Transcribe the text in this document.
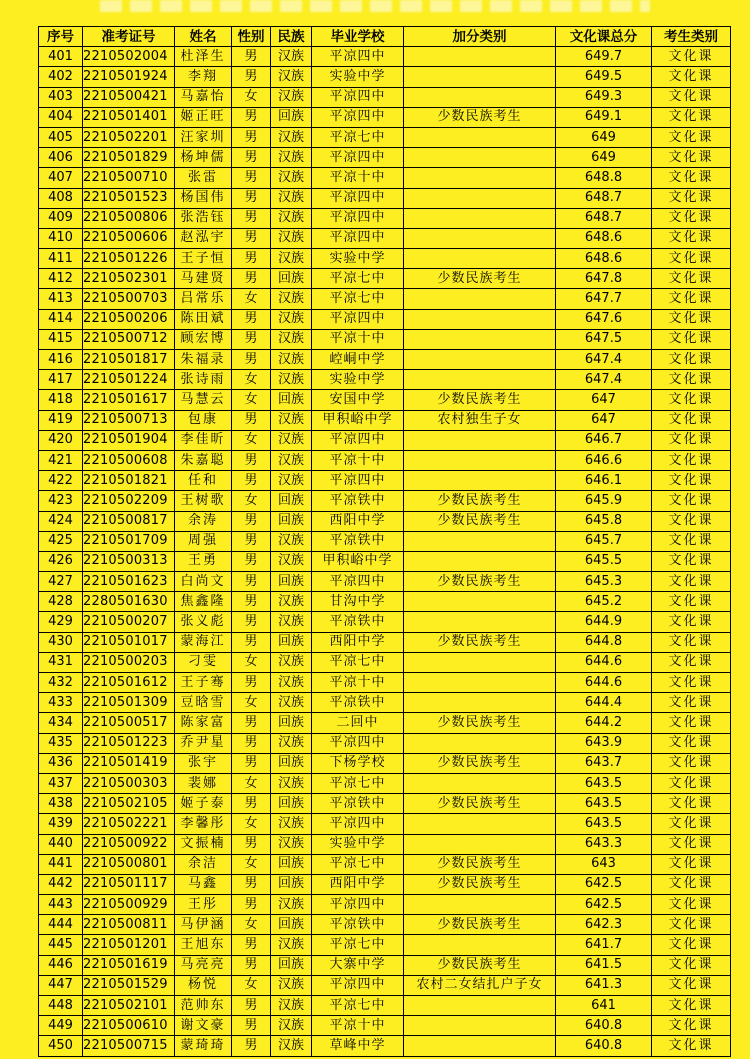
序号	准考证号	姓名	性别	民族	毕业学校	加分类别	文化课总分	考生类别
401	2210502004	杜泽生	男	汉族	平凉四中		649.7	文化课
402	2210501924	李翔	男	汉族	实验中学		649.5	文化课
403	2210500421	马嘉怡	女	汉族	平凉四中		649.3	文化课
404	2210501401	姬正旺	男	回族	平凉四中	少数民族考生	649.1	文化课
405	2210502201	汪家圳	男	汉族	平凉七中		649	文化课
406	2210501829	杨坤儒	男	汉族	平凉四中		649	文化课
407	2210500710	张雷	男	汉族	平凉十中		648.8	文化课
408	2210501523	杨国伟	男	汉族	平凉四中		648.7	文化课
409	2210500806	张浩钰	男	汉族	平凉四中		648.7	文化课
410	2210500606	赵泓宇	男	汉族	平凉四中		648.6	文化课
411	2210501226	王子恒	男	汉族	实验中学		648.6	文化课
412	2210502301	马建贤	男	回族	平凉七中	少数民族考生	647.8	文化课
413	2210500703	吕常乐	女	汉族	平凉七中		647.7	文化课
414	2210500206	陈田斌	男	汉族	平凉四中		647.6	文化课
415	2210500712	顾宏博	男	汉族	平凉十中		647.5	文化课
416	2210501817	朱福录	男	汉族	崆峒中学		647.4	文化课
417	2210501224	张诗雨	女	汉族	实验中学		647.4	文化课
418	2210501617	马慧云	女	回族	安国中学	少数民族考生	647	文化课
419	2210500713	包康	男	汉族	甲积峪中学	农村独生子女	647	文化课
420	2210501904	李佳昕	女	汉族	平凉四中		646.7	文化课
421	2210500608	朱嘉聪	男	汉族	平凉十中		646.6	文化课
422	2210501821	任和	男	汉族	平凉四中		646.1	文化课
423	2210502209	王树歌	女	回族	平凉铁中	少数民族考生	645.9	文化课
424	2210500817	余涛	男	回族	西阳中学	少数民族考生	645.8	文化课
425	2210501709	周强	男	汉族	平凉铁中		645.7	文化课
426	2210500313	王勇	男	汉族	甲积峪中学		645.5	文化课
427	2210501623	白尚文	男	回族	平凉四中	少数民族考生	645.3	文化课
428	2280501630	焦鑫隆	男	汉族	甘沟中学		645.2	文化课
429	2210500207	张义彪	男	汉族	平凉铁中		644.9	文化课
430	2210501017	蒙海江	男	回族	西阳中学	少数民族考生	644.8	文化课
431	2210500203	刁雯	女	汉族	平凉七中		644.6	文化课
432	2210501612	王子骞	男	汉族	平凉十中		644.6	文化课
433	2210501309	豆晗雪	女	汉族	平凉铁中		644.4	文化课
434	2210500517	陈家富	男	回族	二回中	少数民族考生	644.2	文化课
435	2210501223	乔尹星	男	汉族	平凉四中		643.9	文化课
436	2210501419	张宇	男	回族	下杨学校	少数民族考生	643.7	文化课
437	2210500303	裴娜	女	汉族	平凉七中		643.5	文化课
438	2210502105	姬子泰	男	回族	平凉铁中	少数民族考生	643.5	文化课
439	2210502221	李馨彤	女	汉族	平凉四中		643.5	文化课
440	2210500922	文振楠	男	汉族	实验中学		643.3	文化课
441	2210500801	余洁	女	回族	平凉七中	少数民族考生	643	文化课
442	2210501117	马鑫	男	回族	西阳中学	少数民族考生	642.5	文化课
443	2210500929	王彤	男	汉族	平凉四中		642.5	文化课
444	2210500811	马伊涵	女	回族	平凉铁中	少数民族考生	642.3	文化课
445	2210501201	王旭东	男	汉族	平凉七中		641.7	文化课
446	2210501619	马亮亮	男	回族	大寨中学	少数民族考生	641.5	文化课
447	2210501529	杨悦	女	汉族	平凉四中	农村二女结扎户子女	641.3	文化课
448	2210502101	范帅东	男	汉族	平凉七中		641	文化课
449	2210500610	谢文豪	男	汉族	平凉十中		640.8	文化课
450	2210500715	蒙琦琦	男	汉族	草峰中学		640.8	文化课
